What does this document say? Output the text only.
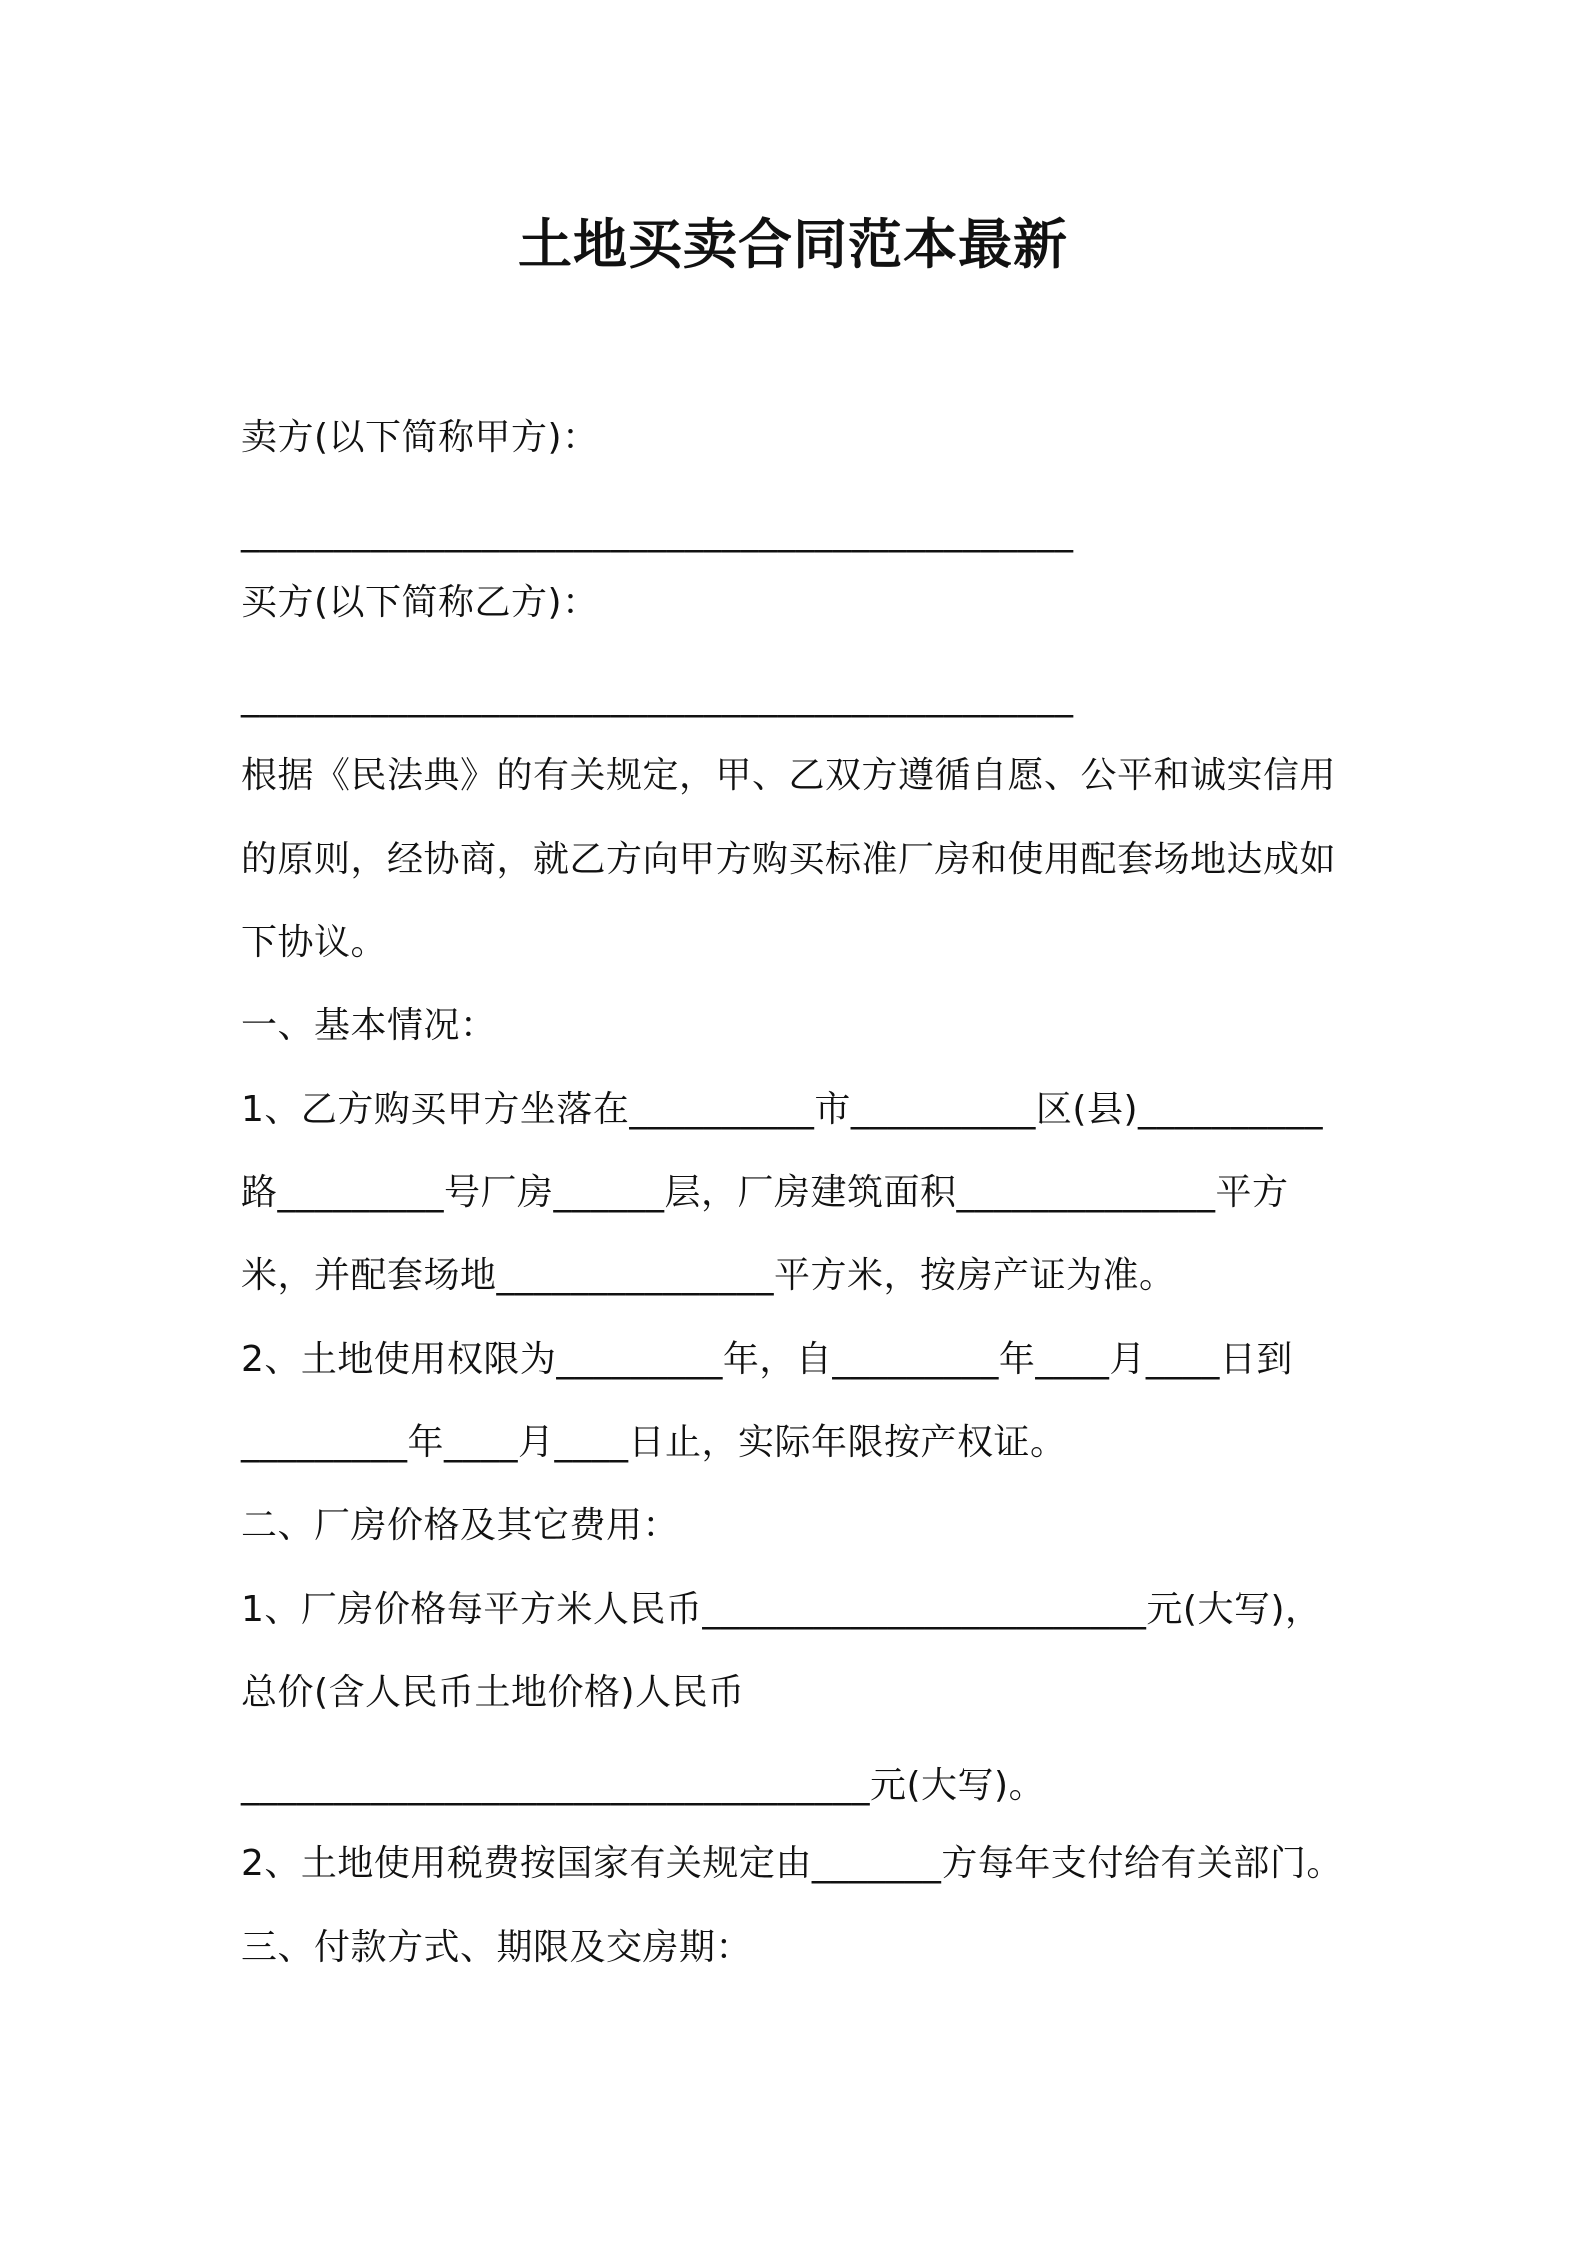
土地买卖合同范本最新
卖方(以下简称甲方)：
_____________________________________________
买方(以下简称乙方)：
_____________________________________________
根据《民法典》的有关规定，甲、乙双方遵循自愿、公平和诚实信用
的原则，经协商，就乙方向甲方购买标准厂房和使用配套场地达成如
下协议。
一、基本情况：
1、乙方购买甲方坐落在__________市__________区(县)__________
路_________号厂房______层，厂房建筑面积______________平方
米，并配套场地_______________平方米，按房产证为准。
2、土地使用权限为_________年，自_________年____月____日到
_________年____月____日止，实际年限按产权证。
二、厂房价格及其它费用：
1、厂房价格每平方米人民币________________________元(大写)，
总价(含人民币土地价格)人民币
__________________________________元(大写)。
2、土地使用税费按国家有关规定由_______方每年支付给有关部门。
三、付款方式、期限及交房期：
